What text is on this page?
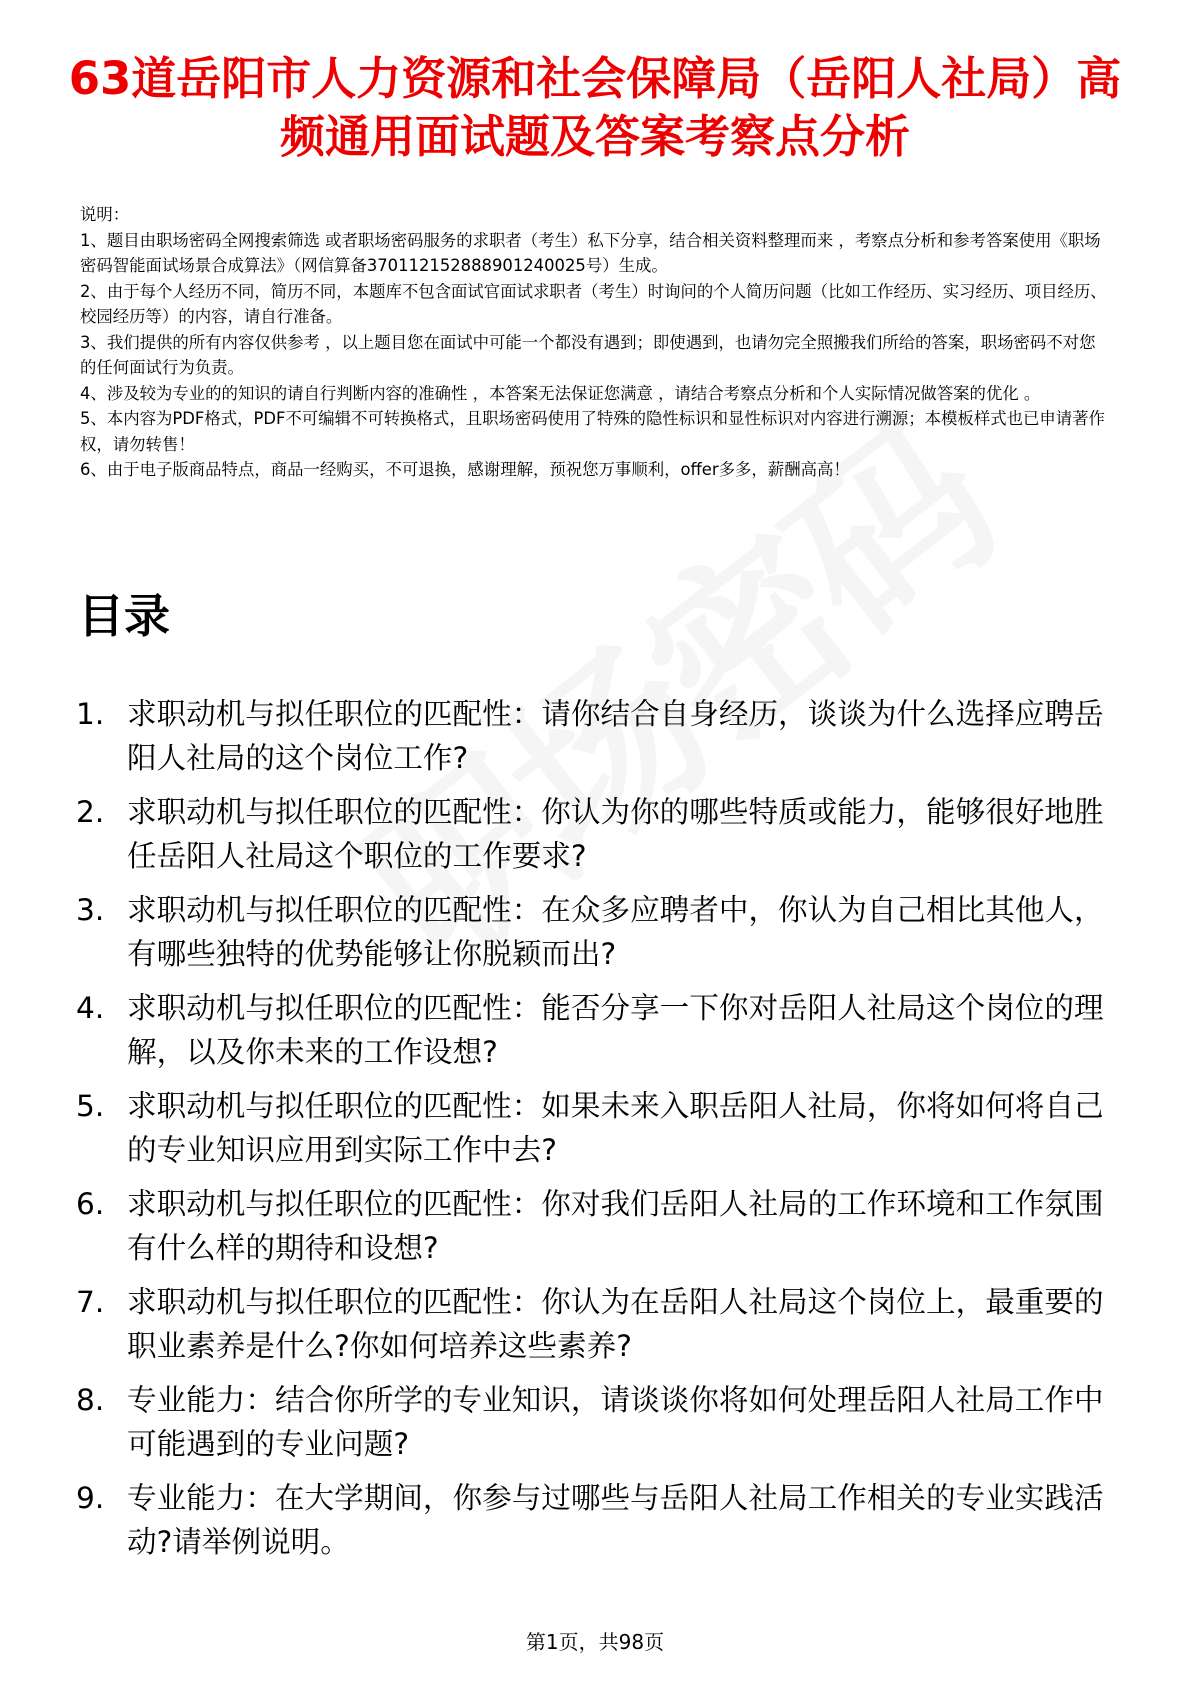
63道岳阳市人力资源和社会保障局（岳阳人社局）高频通用面试题及答案考察点分析

说明：

1、题目由职场密码全网搜索筛选 或者职场密码服务的求职者（考生）私下分享，结合相关资料整理而来 ，考察点分析和参考答案使用《职场密码智能面试场景合成算法》（网信算备370112152888901240025号）生成。

2、由于每个人经历不同，简历不同，本题库不包含面试官面试求职者（考生）时询问的个人简历问题（比如工作经历、实习经历、项目经历、校园经历等）的内容，请自行准备。

3、我们提供的所有内容仅供参考 ，以上题目您在面试中可能一个都没有遇到；即使遇到，也请勿完全照搬我们所给的答案，职场密码不对您的任何面试行为负责。

4、涉及较为专业的的知识的请自行判断内容的准确性 ，本答案无法保证您满意 ，请结合考察点分析和个人实际情况做答案的优化 。

5、本内容为PDF格式，PDF不可编辑不可转换格式，且职场密码使用了特殊的隐性标识和显性标识对内容进行溯源；本模板样式也已申请著作权，请勿转售！

6、由于电子版商品特点，商品一经购买，不可退换，感谢理解，预祝您万事顺利，offer多多，薪酬高高！

目录
1. 求职动机与拟任职位的匹配性：请你结合自身经历，谈谈为什么选择应聘岳阳人社局的这个岗位工作?
2. 求职动机与拟任职位的匹配性：你认为你的哪些特质或能力，能够很好地胜任岳阳人社局这个职位的工作要求?
3. 求职动机与拟任职位的匹配性：在众多应聘者中，你认为自己相比其他人，有哪些独特的优势能够让你脱颖而出?
4. 求职动机与拟任职位的匹配性：能否分享一下你对岳阳人社局这个岗位的理解，以及你未来的工作设想?
5. 求职动机与拟任职位的匹配性：如果未来入职岳阳人社局，你将如何将自己的专业知识应用到实际工作中去?
6. 求职动机与拟任职位的匹配性：你对我们岳阳人社局的工作环境和工作氛围有什么样的期待和设想?
7. 求职动机与拟任职位的匹配性：你认为在岳阳人社局这个岗位上，最重要的职业素养是什么?你如何培养这些素养?
8. 专业能力：结合你所学的专业知识，请谈谈你将如何处理岳阳人社局工作中可能遇到的专业问题?
9. 专业能力：在大学期间，你参与过哪些与岳阳人社局工作相关的专业实践活动?请举例说明。
第1页，共98页
